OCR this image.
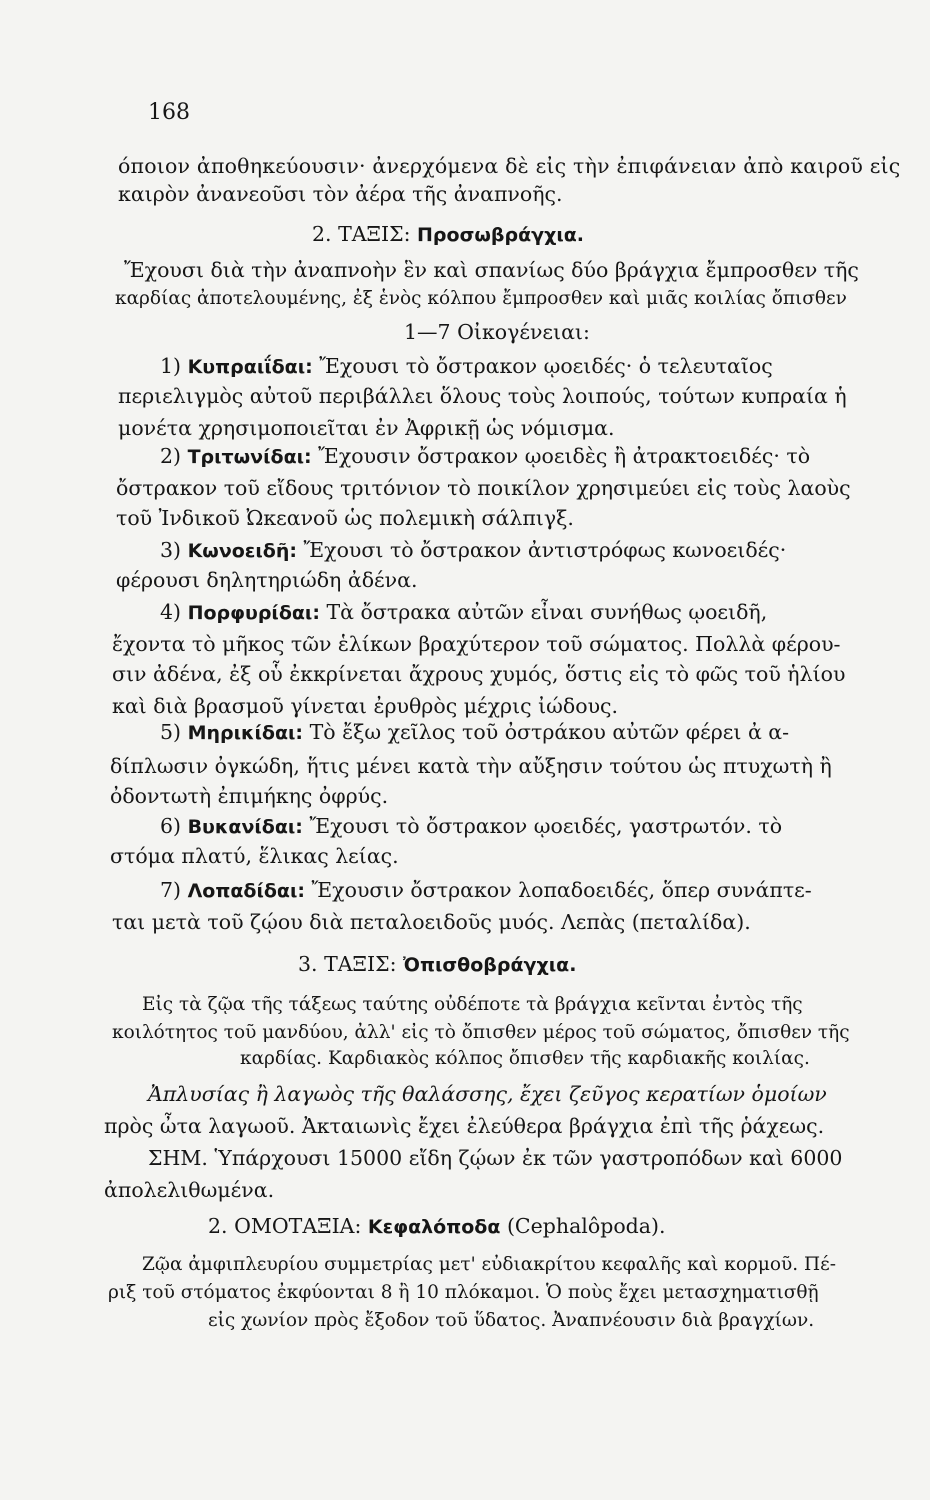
168
όποιον ἀποθηκεύουσιν· ἀνερχόμενα δὲ εἰς τὴν ἐπιφάνειαν ἀπὸ καιροῦ εἰς
καιρὸν ἀνανεοῦσι τὸν ἀέρα τῆς ἀναπνοῆς.
2. ΤΑΞΙΣ: Προσωβράγχια.
Ἔχουσι διὰ τὴν ἀναπνοὴν ἓν καὶ σπανίως δύο βράγχια ἔμπροσθεν τῆς
καρδίας ἀποτελουμένης, ἐξ ἑνὸς κόλπου ἔμπροσθεν καὶ μιᾶς κοιλίας ὄπισθεν
1—7 Οἰκογένειαι:
1) Κυπραιΐδαι: Ἔχουσι τὸ ὄστρακον ῳοειδές· ὁ τελευταῖος
περιελιγμὸς αὐτοῦ περιβάλλει ὅλους τοὺς λοιπούς, τούτων κυπραία ἡ
μονέτα χρησιμοποιεῖται ἐν Ἀφρικῇ ὡς νόμισμα.
2) Τριτωνίδαι: Ἔχουσιν ὄστρακον ῳοειδὲς ἢ ἀτρακτοειδές· τὸ
ὄστρακον τοῦ εἴδους τριτόνιον τὸ ποικίλον χρησιμεύει εἰς τοὺς λαοὺς
τοῦ Ἰνδικοῦ Ὠκεανοῦ ὡς πολεμικὴ σάλπιγξ.
3) Κωνοειδῆ: Ἔχουσι τὸ ὄστρακον ἀντιστρόφως κωνοειδές·
φέρουσι δηλητηριώδη ἀδένα.
4) Πορφυρίδαι: Τὰ ὄστρακα αὐτῶν εἶναι συνήθως ῳοειδῆ,
ἔχοντα τὸ μῆκος τῶν ἑλίκων βραχύτερον τοῦ σώματος. Πολλὰ φέρου-
σιν ἀδένα, ἐξ οὗ ἐκκρίνεται ἄχρους χυμός, ὅστις εἰς τὸ φῶς τοῦ ἡλίου
καὶ διὰ βρασμοῦ γίνεται ἐρυθρὸς μέχρις ἰώδους.
5) Μηρικίδαι: Τὸ ἔξω χεῖλος τοῦ ὀστράκου αὐτῶν φέρει ἀ α-
δίπλωσιν ὀγκώδη, ἥτις μένει κατὰ τὴν αὔξησιν τούτου ὡς πτυχωτὴ ἢ
ὀδοντωτὴ ἐπιμήκης ὀφρύς.
6) Βυκανίδαι: Ἔχουσι τὸ ὄστρακον ῳοειδές, γαστρωτόν. τὸ
στόμα πλατύ, ἕλικας λείας.
7) Λοπαδίδαι: Ἔχουσιν ὄστρακον λοπαδοειδές, ὅπερ συνάπτε-
ται μετὰ τοῦ ζῴου διὰ πεταλοειδοῦς μυός. Λεπὰς (πεταλίδα).
3. ΤΑΞΙΣ: Ὀπισθοβράγχια.
Εἰς τὰ ζῷα τῆς τάξεως ταύτης οὐδέποτε τὰ βράγχια κεῖνται ἐντὸς τῆς
κοιλότητος τοῦ μανδύου, ἀλλ' εἰς τὸ ὄπισθεν μέρος τοῦ σώματος, ὄπισθεν τῆς
καρδίας. Καρδιακὸς κόλπος ὄπισθεν τῆς καρδιακῆς κοιλίας.
Ἀπλυσίας ἢ λαγωὸς τῆς θαλάσσης, ἔχει ζεῦγος κερατίων ὁμοίων
πρὸς ὦτα λαγωοῦ. Ἀκταιωνὶς ἔχει ἐλεύθερα βράγχια ἐπὶ τῆς ῥάχεως.
ΣΗΜ. Ὑπάρχουσι 15000 εἴδη ζῴων ἐκ τῶν γαστροπόδων καὶ 6000
ἀπολελιθωμένα.
2. ΟΜΟΤΑΞΙΑ: Κεφαλόποδα (Cephalôpoda).
Ζῷα ἀμφιπλευρίου συμμετρίας μετ' εὐδιακρίτου κεφαλῆς καὶ κορμοῦ. Πέ-
ριξ τοῦ στόματος ἐκφύονται 8 ἢ 10 πλόκαμοι. Ὁ ποὺς ἔχει μετασχηματισθῇ
εἰς χωνίον πρὸς ἔξοδον τοῦ ὕδατος. Ἀναπνέουσιν διὰ βραγχίων.
